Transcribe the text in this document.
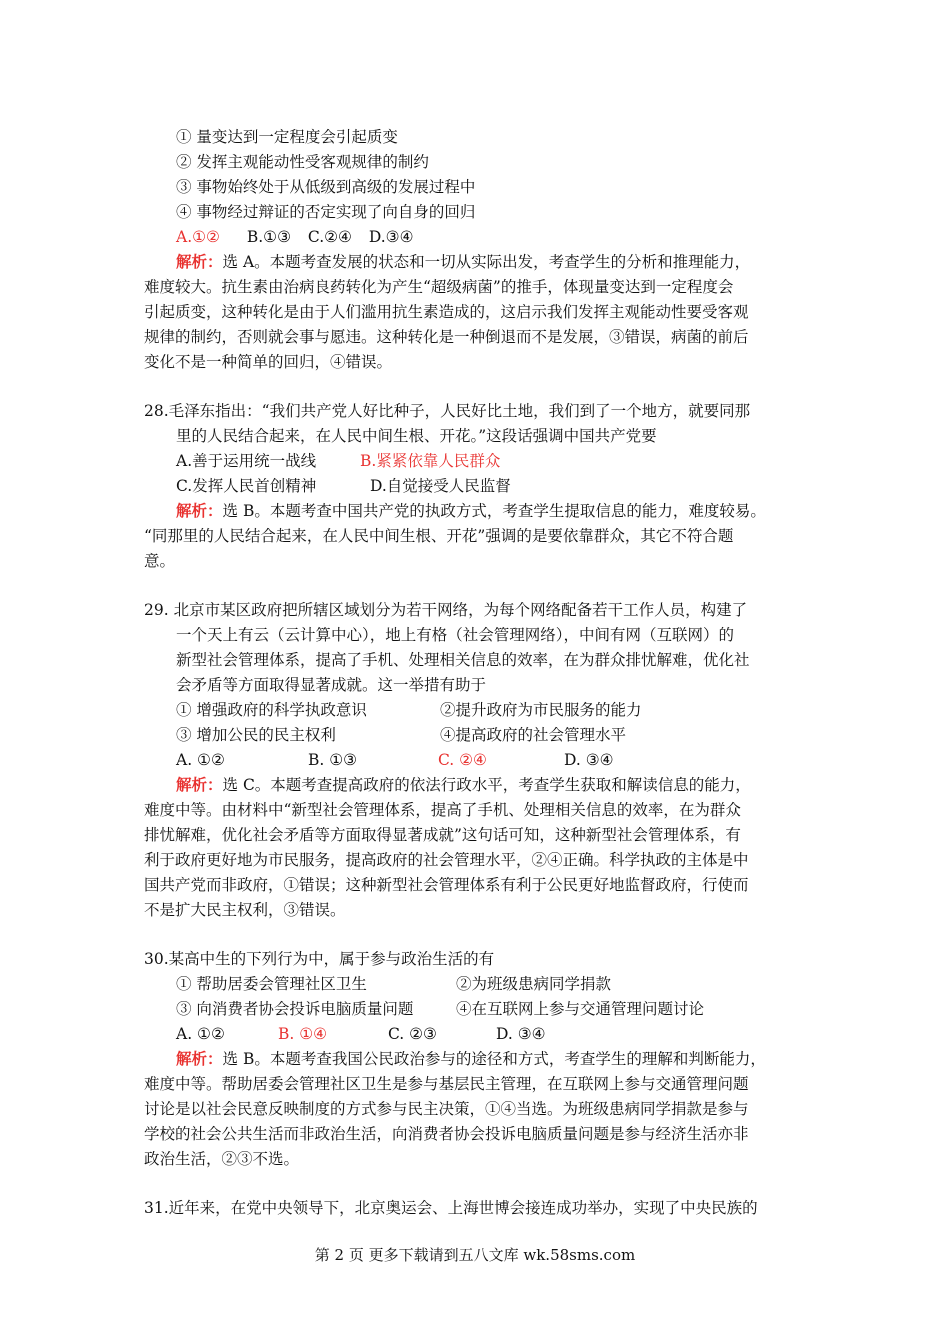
① 量变达到一定程度会引起质变
② 发挥主观能动性受客观规律的制约
③ 事物始终处于从低级到高级的发展过程中
④ 事物经过辩证的否定实现了向自身的回归
A.①② B.①③ C.②④ D.③④
解析：选 A。本题考查发展的状态和一切从实际出发，考查学生的分析和推理能力，
难度较大。抗生素由治病良药转化为产生“超级病菌”的推手，体现量变达到一定程度会
引起质变，这种转化是由于人们滥用抗生素造成的，这启示我们发挥主观能动性要受客观
规律的制约，否则就会事与愿违。这种转化是一种倒退而不是发展，③错误，病菌的前后
变化不是一种简单的回归，④错误。
28.毛泽东指出：“我们共产党人好比种子，人民好比土地，我们到了一个地方，就要同那
里的人民结合起来，在人民中间生根、开花。”这段话强调中国共产党要
A.善于运用统一战线	B.紧紧依靠人民群众
C.发挥人民首创精神	D.自觉接受人民监督
解析：选 B。本题考查中国共产党的执政方式，考查学生提取信息的能力，难度较易。
“同那里的人民结合起来，在人民中间生根、开花”强调的是要依靠群众，其它不符合题
意。
29. 北京市某区政府把所辖区域划分为若干网络，为每个网络配备若干工作人员，构建了
一个天上有云（云计算中心），地上有格（社会管理网络），中间有网（互联网）的
新型社会管理体系，提高了手机、处理相关信息的效率，在为群众排忧解难，优化社
会矛盾等方面取得显著成就。这一举措有助于
① 增强政府的科学执政意识	②提升政府为市民服务的能力
③ 增加公民的民主权利	④提高政府的社会管理水平
A. ①②	B. ①③	C. ②④	D. ③④
解析：选 C。本题考查提高政府的依法行政水平，考查学生获取和解读信息的能力，
难度中等。由材料中“新型社会管理体系，提高了手机、处理相关信息的效率，在为群众
排忧解难，优化社会矛盾等方面取得显著成就”这句话可知，这种新型社会管理体系，有
利于政府更好地为市民服务，提高政府的社会管理水平，②④正确。科学执政的主体是中
国共产党而非政府，①错误；这种新型社会管理体系有利于公民更好地监督政府，行使而
不是扩大民主权利，③错误。
30.某高中生的下列行为中，属于参与政治生活的有
① 帮助居委会管理社区卫生	②为班级患病同学捐款
③ 向消费者协会投诉电脑质量问题	④在互联网上参与交通管理问题讨论
A. ①②	B. ①④	C. ②③	D. ③④
解析：选 B。本题考查我国公民政治参与的途径和方式，考查学生的理解和判断能力，
难度中等。帮助居委会管理社区卫生是参与基层民主管理，在互联网上参与交通管理问题
讨论是以社会民意反映制度的方式参与民主决策，①④当选。为班级患病同学捐款是参与
学校的社会公共生活而非政治生活，向消费者协会投诉电脑质量问题是参与经济生活亦非
政治生活，②③不选。
31.近年来，在党中央领导下，北京奥运会、上海世博会接连成功举办，实现了中央民族的
第 2 页 更多下载请到五八文库 wk.58sms.com
